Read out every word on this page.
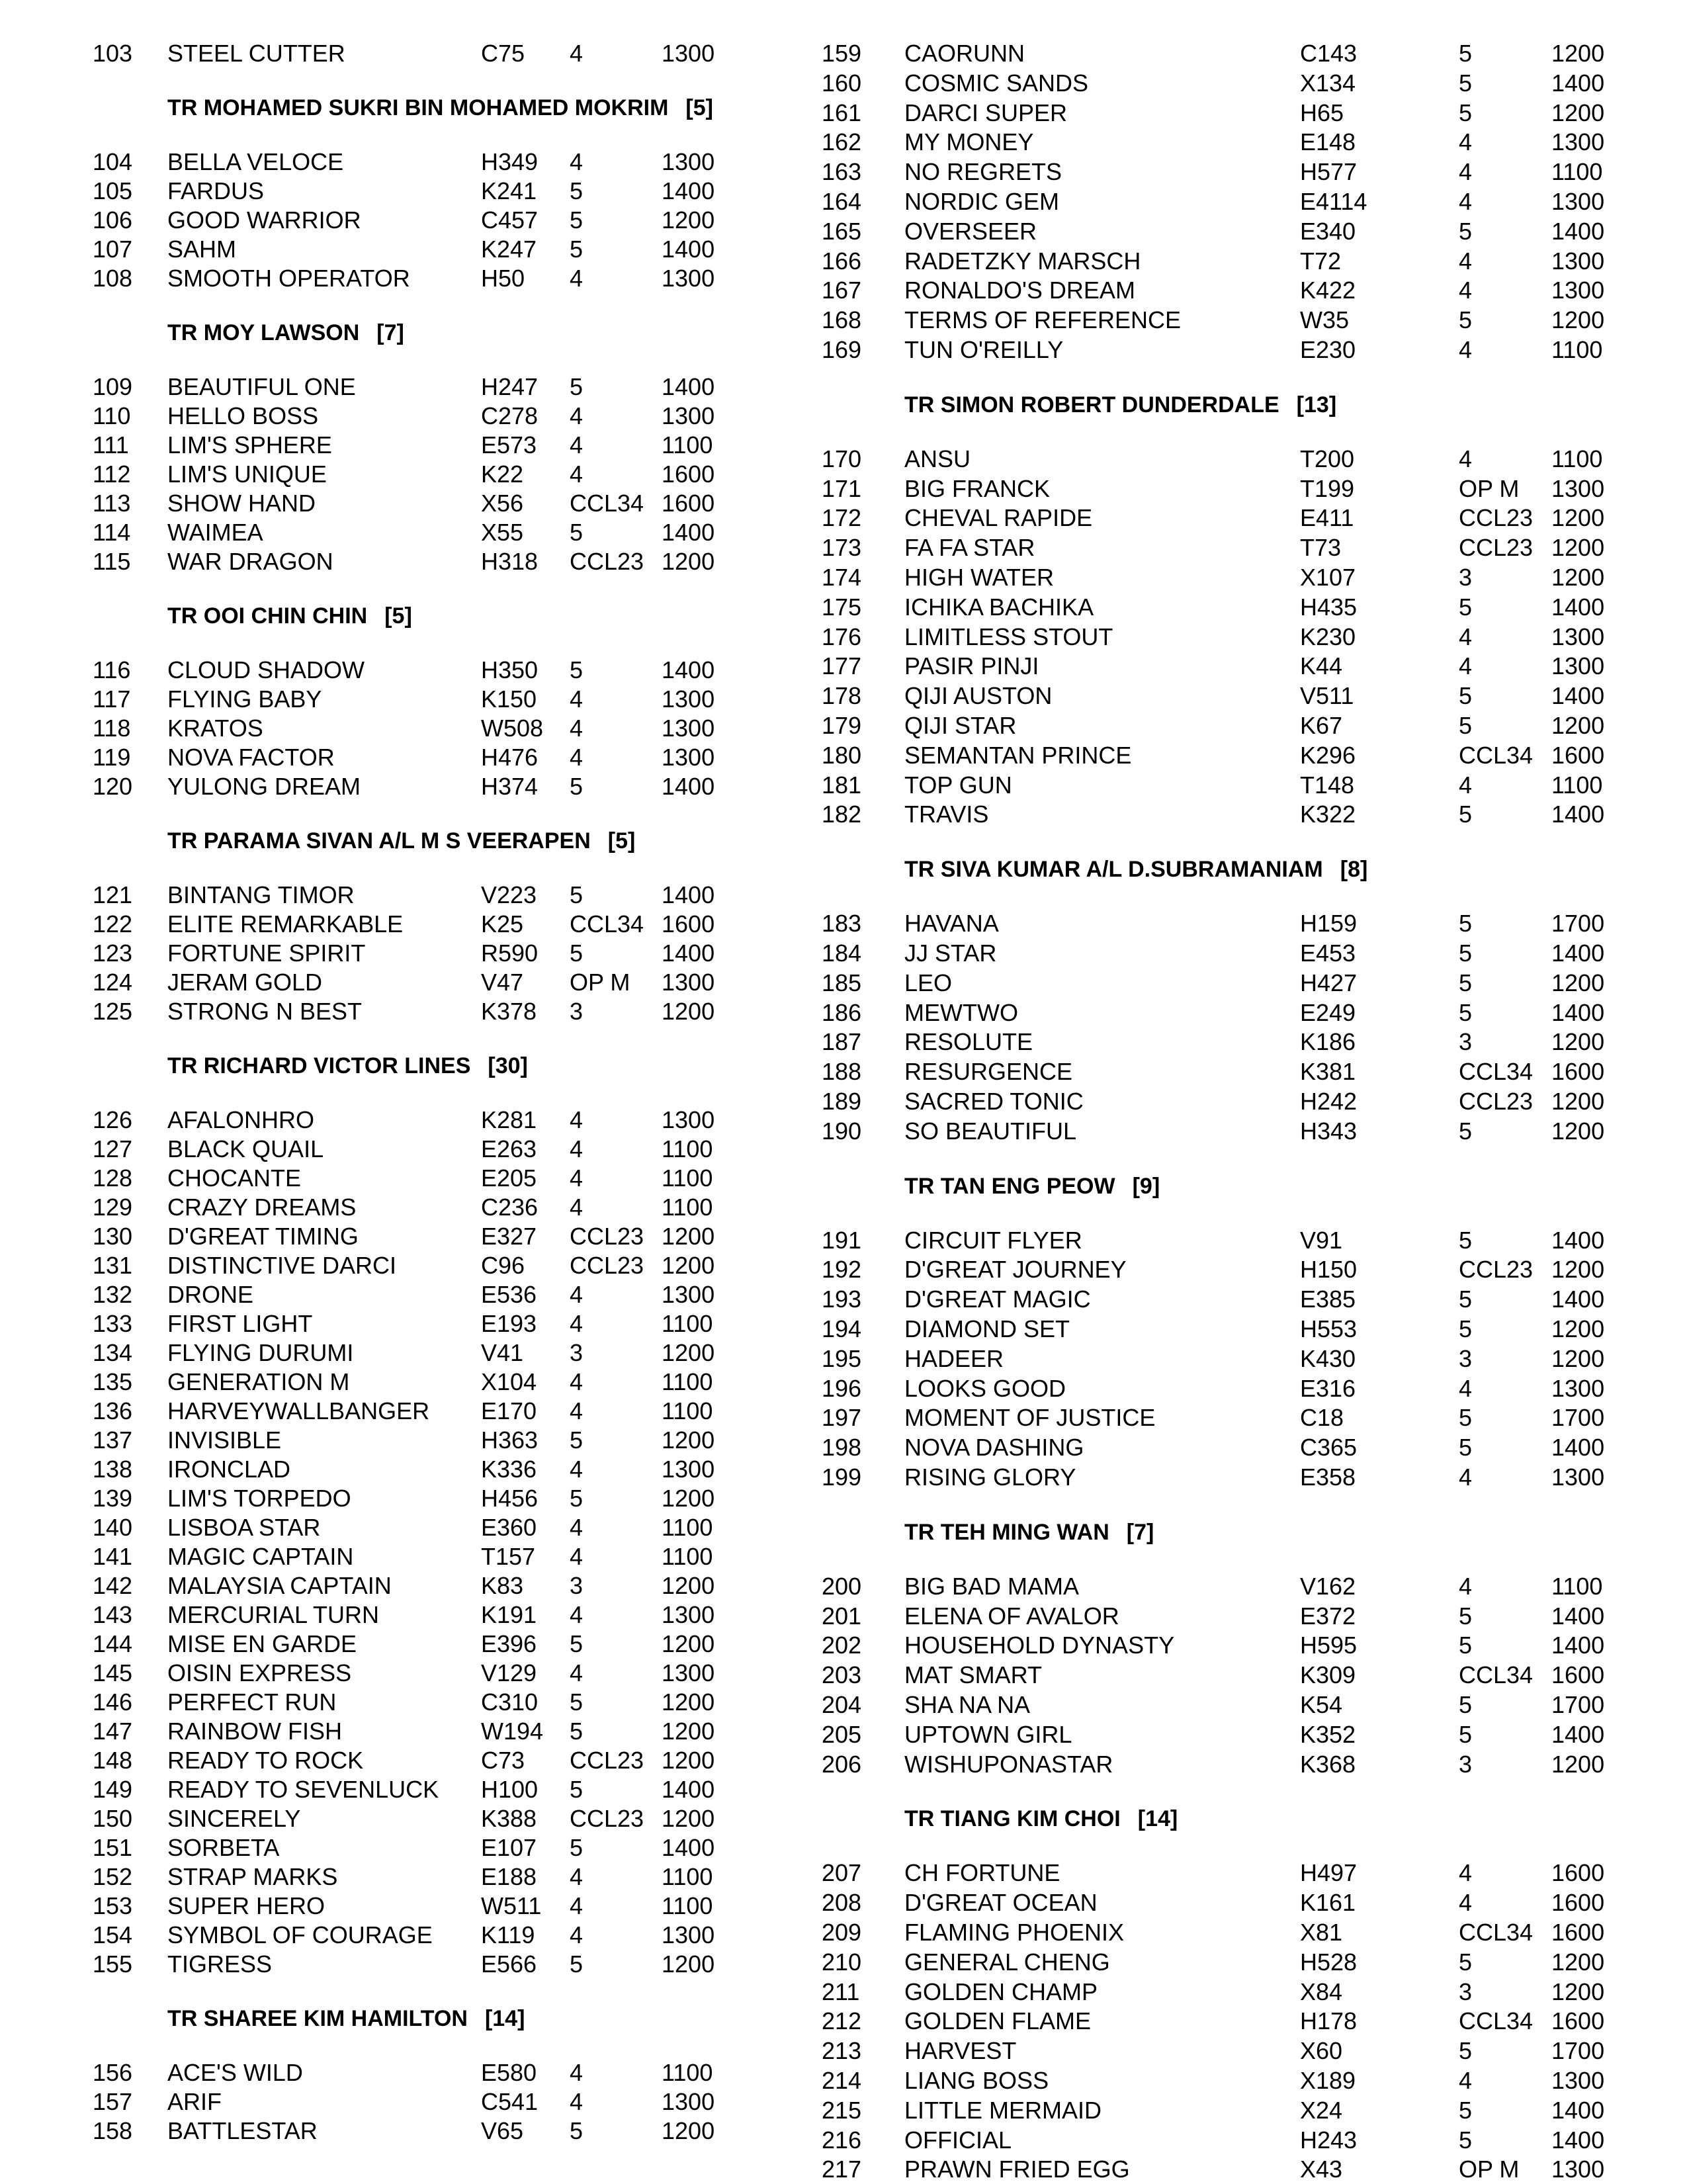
103 STEEL CUTTER	C75 4	1300
TR MOHAMED SUKRI BIN MOHAMED MOKRIM [5]
104 BELLA VELOCE	H349 4	1300
105 FARDUS	K241 5	1400
106 GOOD WARRIOR	C457 5	1200
107 SAHM	K247 5	1400
108 SMOOTH OPERATOR	H50 4	1300
TR MOY LAWSON [7]
109 BEAUTIFUL ONE	H247 5	1400
110 HELLO BOSS	C278 4	1300
111 LIM'S SPHERE	E573 4	1100
112 LIM'S UNIQUE	K22 4	1600
113 SHOW HAND	X56 CCL34 1600
114 WAIMEA	X55 5	1400
115 WAR DRAGON	H318 CCL23 1200
TR OOI CHIN CHIN [5]
116 CLOUD SHADOW	H350 5	1400
117 FLYING BABY	K150 4	1300
118 KRATOS	W508 4	1300
119 NOVA FACTOR	H476 4	1300
120 YULONG DREAM	H374 5	1400
TR PARAMA SIVAN A/L M S VEERAPEN [5]
121 BINTANG TIMOR	V223 5	1400
122 ELITE REMARKABLE	K25 CCL34 1600
123 FORTUNE SPIRIT	R590 5	1400
124 JERAM GOLD	V47 OP M 1300
125 STRONG N BEST	K378 3	1200
TR RICHARD VICTOR LINES [30]
126 AFALONHRO	K281 4	1300
127 BLACK QUAIL	E263 4	1100
128 CHOCANTE	E205 4	1100
129 CRAZY DREAMS	C236 4	1100
130 D'GREAT TIMING	E327 CCL23 1200
131 DISTINCTIVE DARCI	C96 CCL23 1200
132 DRONE	E536 4	1300
133 FIRST LIGHT	E193 4	1100
134 FLYING DURUMI	V41 3	1200
135 GENERATION M	X104 4	1100
136 HARVEYWALLBANGER E170 4	1100
137 INVISIBLE	H363 5	1200
138 IRONCLAD	K336 4	1300
139 LIM'S TORPEDO	H456 5	1200
140 LISBOA STAR	E360 4	1100
141 MAGIC CAPTAIN	T157 4	1100
142 MALAYSIA CAPTAIN	K83 3	1200
143 MERCURIAL TURN	K191 4	1300
144 MISE EN GARDE	E396 5	1200
145 OISIN EXPRESS	V129 4	1300
146 PERFECT RUN	C310 5	1200
147 RAINBOW FISH	W194 5	1200
148 READY TO ROCK	C73 CCL23 1200
149 READY TO SEVENLUCK H100 5	1400
150 SINCERELY	K388 CCL23 1200
151 SORBETA	E107 5	1400
152 STRAP MARKS	E188 4	1100
153 SUPER HERO	W511 4	1100
154 SYMBOL OF COURAGE K119 4	1300
155 TIGRESS	E566 5	1200
TR SHAREE KIM HAMILTON [14]
156 ACE'S WILD	E580 4	1100
157 ARIF	C541 4	1300
158 BATTLESTAR	V65 5	1200
159 CAORUNN	C143	5	1200
160 COSMIC SANDS	X134	5	1400
161 DARCI SUPER	H65	5	1200
162 MY MONEY	E148	4	1300
163 NO REGRETS	H577	4	1100
164 NORDIC GEM	E4114	4	1300
165 OVERSEER	E340	5	1400
166 RADETZKY MARSCH	T72	4	1300
167 RONALDO'S DREAM	K422	4	1300
168 TERMS OF REFERENCE	W35	5	1200
169 TUN O'REILLY	E230	4	1100
TR SIMON ROBERT DUNDERDALE [13]
170 ANSU	T200	4	1100
171 BIG FRANCK	T199	OP M 1300
172 CHEVAL RAPIDE	E411	CCL23 1200
173 FA FA STAR	T73	CCL23 1200
174 HIGH WATER	X107	3	1200
175 ICHIKA BACHIKA	H435	5	1400
176 LIMITLESS STOUT	K230	4	1300
177 PASIR PINJI	K44	4	1300
178 QIJI AUSTON	V511	5	1400
179 QIJI STAR	K67	5	1200
180 SEMANTAN PRINCE	K296	CCL34 1600
181 TOP GUN	T148	4	1100
182 TRAVIS	K322	5	1400
TR SIVA KUMAR A/L D.SUBRAMANIAM [8]
183 HAVANA	H159	5	1700
184 JJ STAR	E453	5	1400
185 LEO	H427	5	1200
186 MEWTWO	E249	5	1400
187 RESOLUTE	K186	3	1200
188 RESURGENCE	K381	CCL34 1600
189 SACRED TONIC	H242	CCL23 1200
190 SO BEAUTIFUL	H343	5	1200
TR TAN ENG PEOW [9]
191 CIRCUIT FLYER	V91	5	1400
192 D'GREAT JOURNEY	H150	CCL23 1200
193 D'GREAT MAGIC	E385	5	1400
194 DIAMOND SET	H553	5	1200
195 HADEER	K430	3	1200
196 LOOKS GOOD	E316	4	1300
197 MOMENT OF JUSTICE	C18	5	1700
198 NOVA DASHING	C365	5	1400
199 RISING GLORY	E358	4	1300
TR TEH MING WAN [7]
200 BIG BAD MAMA	V162	4	1100
201 ELENA OF AVALOR	E372	5	1400
202 HOUSEHOLD DYNASTY	H595	5	1400
203 MAT SMART	K309	CCL34 1600
204 SHA NA NA	K54	5	1700
205 UPTOWN GIRL	K352	5	1400
206 WISHUPONASTAR	K368	3	1200
TR TIANG KIM CHOI [14]
207 CH FORTUNE	H497	4	1600
208 D'GREAT OCEAN	K161	4	1600
209 FLAMING PHOENIX	X81	CCL34 1600
210 GENERAL CHENG	H528	5	1200
211 GOLDEN CHAMP	X84	3	1200
212 GOLDEN FLAME	H178	CCL34 1600
213 HARVEST	X60	5	1700
214 LIANG BOSS	X189	4	1300
215 LITTLE MERMAID	X24	5	1400
216 OFFICIAL	H243	5	1400
217 PRAWN FRIED EGG	X43	OP M 1300
